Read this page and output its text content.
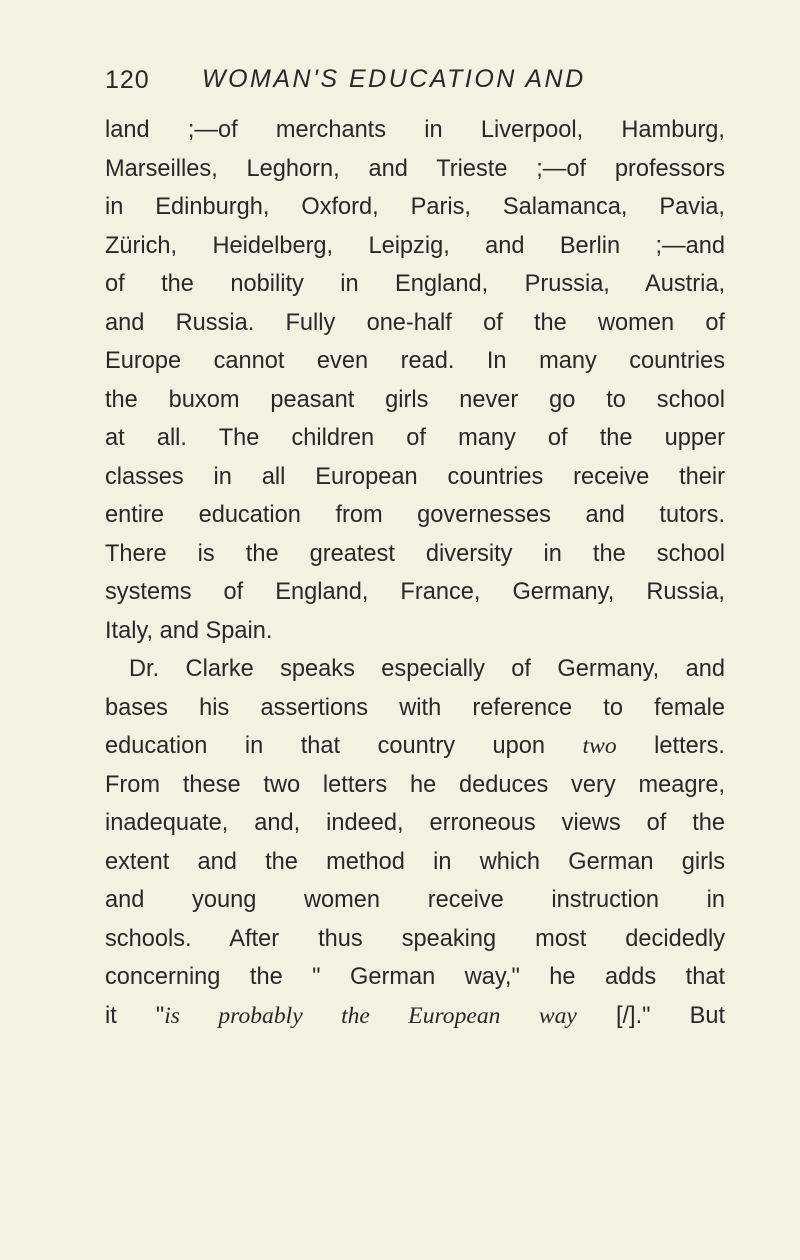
120 WOMAN'S EDUCATION AND
land ;—of merchants in Liverpool, Hamburg,
Marseilles, Leghorn, and Trieste ;—of professors
in Edinburgh, Oxford, Paris, Salamanca, Pavia,
Zürich, Heidelberg, Leipzig, and Berlin ;—and
of the nobility in England, Prussia, Austria,
and Russia. Fully one-half of the women of
Europe cannot even read. In many countries
the buxom peasant girls never go to school
at all. The children of many of the upper
classes in all European countries receive their
entire education from governesses and tutors.
There is the greatest diversity in the school
systems of England, France, Germany, Russia,
Italy, and Spain.
Dr. Clarke speaks especially of Germany, and
bases his assertions with reference to female
education in that country upon two letters.
From these two letters he deduces very meagre,
inadequate, and, indeed, erroneous views of the
extent and the method in which German girls
and young women receive instruction in
schools. After thus speaking most decidedly
concerning the " German way," he adds that
it "is probably the European way [/]." But
